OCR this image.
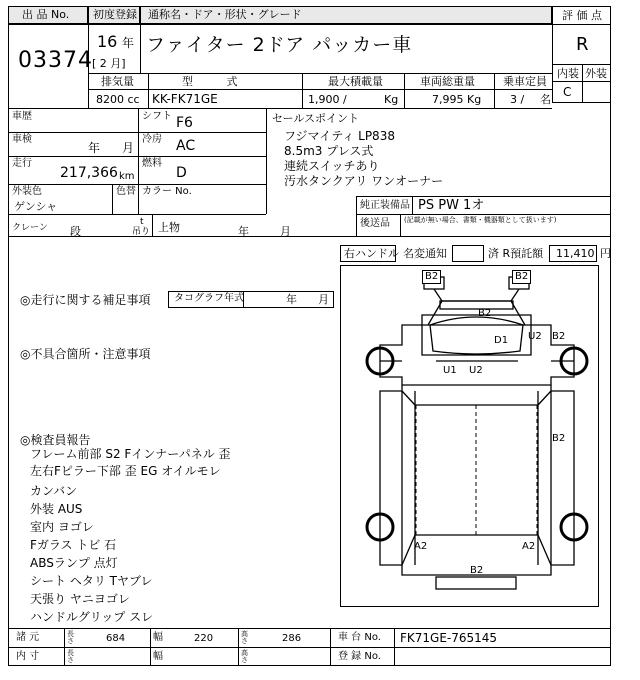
出 品 No.
03374
初度登録 通称名・ドア・形状・グレード
16 年
[ 2 月]
ファイター 2ドア パッカー車
評 価 点
R
内装 外装
C
排気量	型 式	最大積載量	車両総重量	乗車定員
8200 cc KK-FK71GE	1,900 /	Kg	7,995 Kg	3 / 名
車歴	シフト F6
車検
年 月
冷房 AC
走行
217,366 km
燃料
D
外装色
ゲンシャ
色替 カラー No.
セールスポイント
フジマイティ LP838
8.5m3 プレス式
連続スイッチあり
汚水タンクアリ ワンオーナー
純正装備品 PS PW 1オ
後送品 (記載が無い場合、書類・機器類として扱います)
クレーン 段
t
吊り 上物	年	月
右ハンドル 名変通知	済 R預託額 11,410 円
◎走行に関する補足事項 タコグラフ年式	年 月
◎不具合箇所・注意事項
◎検査員報告
フレーム前部 S2 Fインナーパネル 歪
左右Fピラー下部 歪 EG オイルモレ
カンバン
外装 AUS
室内 ヨゴレ
Fガラス トビ 石
ABSランプ 点灯
シート ヘタリ Tヤブレ
天張り ヤニヨゴレ
ハンドルグリップ スレ
B2	B2
B2
D1 U2 B2
U1 U2
B2
A2	A2
B2
諸 元	長さ	684	幅	220	高さ	286	車 台 No. FK71GE-765145
内 寸	長さ	幅	高さ	登 録 No.
